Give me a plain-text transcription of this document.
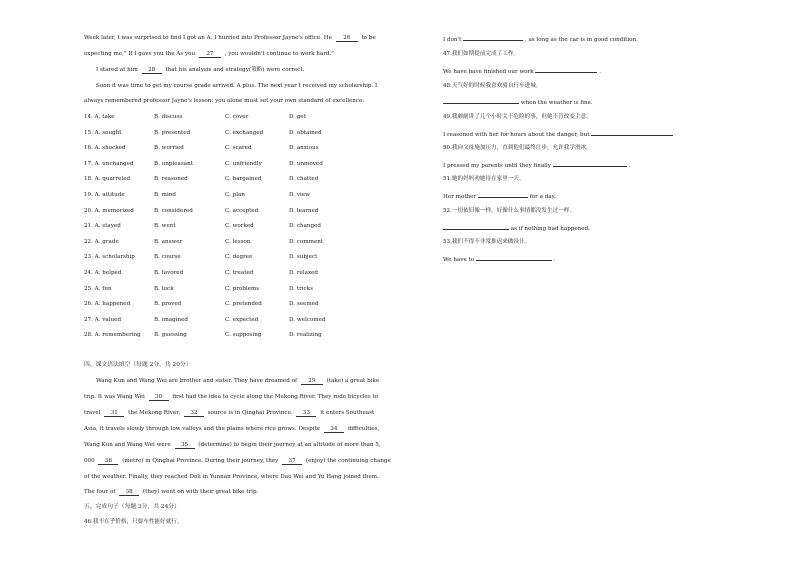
Week later, I was surprised to find I got an A. I hurried into Professor Jayne's office. He 26 to be
expecting me," If I gave you the As you 27 , you wouldn't continue to work hard."
I stared at him 28 that his analysis and strategy(策略) were correct.
Soon it was time to get my course grade arrived. A plus. The next year I received my scholarship. I
always remembered professor Jayne's lesson: you alone must set your own standard of excellence.
14. A. take	B. discuss	C. cover	D. get
15. A. sought	B. presented	C. exchanged	D. obtained
16. A. shocked	B. worried	C. scared	D. anxious
17. A. unchanged	B. unpleasant	C. unfriendly	D. unmoved
18. A. quarreled	B. reasoned	C. bargained	D. chatted
19. A. attitude	B. mind	C. plan	D. view
20. A. memorized	B. considered	C. accepted	D. learned
21. A. stayed	B. went	C. worked	D. changed
22. A. grade	B. answer	C. lesson	D. comment
23. A. scholarship	B. course	C. degree	D. subject
24. A. helped	B. favored	C. treated	D. relaxed
25. A. fun	B. luck	C. problems	D. tricks
26. A. happened	B. proved	C. pretended	D. seemed
27. A. valued	B. imagined	C. expected	D. welcomed
28. A. remembering B. guessing	C. supposing	D. realizing
四、课文语法填空（每题 2分，共 20分）
Wang Kun and Wang Wei are brother and sister. They have dreamed of 29 (take) a great bike
trip. It was Wang Wei 30 first had the idea to cycle along the Mekong River. They rode bicycles to
travel 31 the Mekong River, 32 source is in Qinghai Province. 33 it enters Southeast
Asia, it travels slowly through low valleys and the plains where rice grows. Despite 34 difficulties,
Wang Kun and Wang Wei were 35 (determine) to begin their journey at an altitude of more than 5，
000 36 (metre) in Qinghai Province. During their journey, they 37 (enjoy) the continuing change
of the weather. Finally, they reached Doli in Yunnan Province, where Dao Wei and Yu Hang joined them.
The four of 38 (they) went on with their great bike trip.
五、完成句子（每题 3分，共 24分）
46.我不在乎价格，只要车性能好就行。
I don't	, as long as the car is in good condition.
47.我们如期提前完成了工作。
We have have finished our work	.
48.天气好的时候我喜欢骑自行车进城。
when the weather is fine.
49.我颇耐讲了几个小时关于危险的事，但她不肯改变主意。
I reasoned with her for hours about the danger, but
50.我向父母施加压力，直到他们最终让步，允许我学滑冰。
I pressed my parents until they finally	.
51.她的妈妈劝她待在家里一天。
Her mother	for a day.
52.一切依旧像一样，好像什么事情都没发生过一样。
as if nothing had happened.
53.我们不得不非常推迟来做设计。
We have to	.
